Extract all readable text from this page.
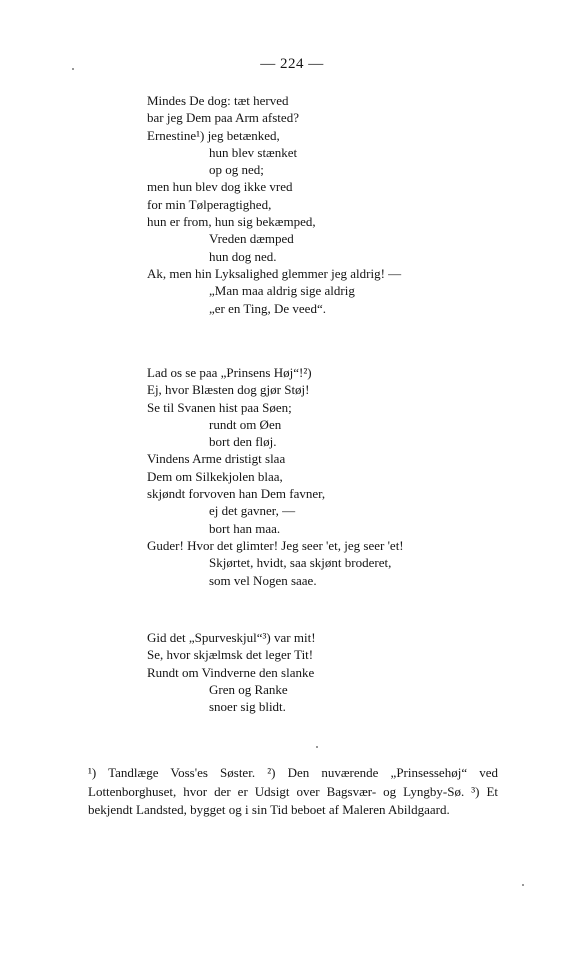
— 224 —
Mindes De dog: tæt herved
bar jeg Dem paa Arm afsted?
Ernestine¹) jeg betænked,
hun blev stænket
op og ned;
men hun blev dog ikke vred
for min Tølperagtighed,
hun er from, hun sig bekæmped,
Vreden dæmped
hun dog ned.
Ak, men hin Lyksalighed glemmer jeg aldrig! —
„Man maa aldrig sige aldrig
„er en Ting, De veed“.
Lad os se paa „Prinsens Høj“!²)
Ej, hvor Blæsten dog gjør Støj!
Se til Svanen hist paa Søen;
rundt om Øen
bort den fløj.
Vindens Arme dristigt slaa
Dem om Silkekjolen blaa,
skjøndt forvoven han Dem favner,
ej det gavner, —
bort han maa.
Guder! Hvor det glimter! Jeg seer 'et, jeg seer 'et!
Skjørtet, hvidt, saa skjønt broderet,
som vel Nogen saae.
Gid det „Spurveskjul“³) var mit!
Se, hvor skjælmsk det leger Tit!
Rundt om Vindverne den slanke
Gren og Ranke
snoer sig blidt.

¹) Tandlæge Voss'es Søster. ²) Den nuværende „Prinsessehøj“ ved Lottenborghuset, hvor der er Udsigt over Bagsvær- og Lyngby-Sø. ³) Et bekjendt Landsted, bygget og i sin Tid beboet af Maleren Abildgaard.
